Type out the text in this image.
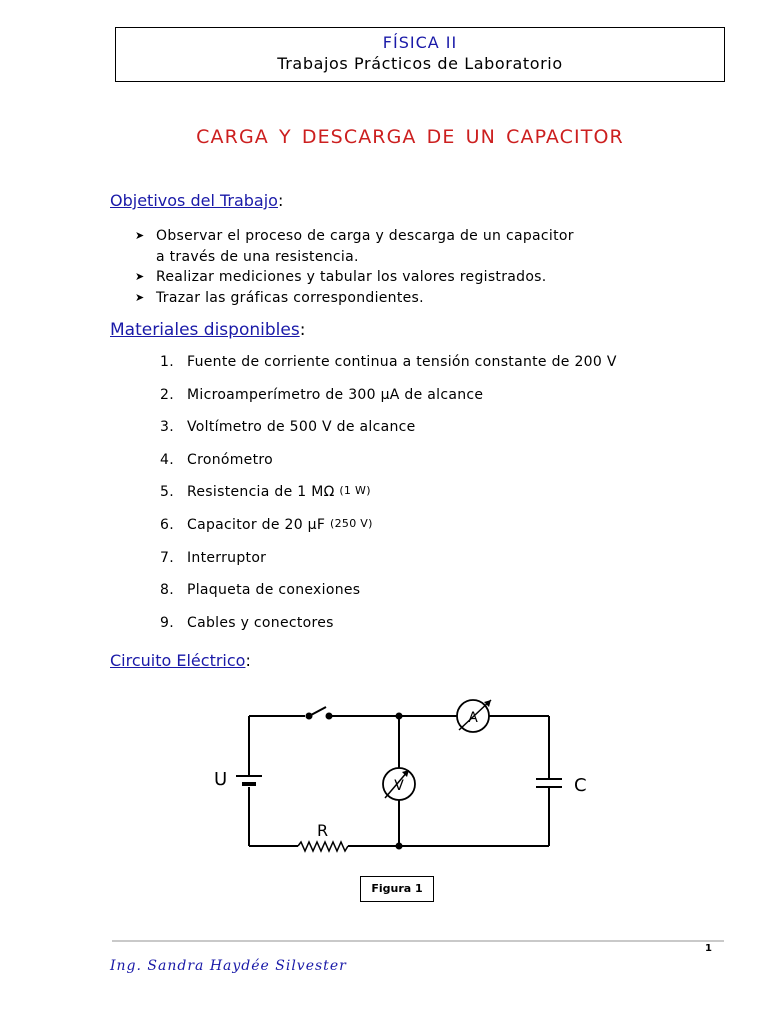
FÍSICA II
Trabajos Prácticos de Laboratorio
CARGA Y DESCARGA DE UN CAPACITOR
Objetivos del Trabajo:
➤ Observar el proceso de carga y descarga de un capacitor
a través de una resistencia.
➤ Realizar mediciones y tabular los valores registrados.
➤ Trazar las gráficas correspondientes.
Materiales disponibles:
1. Fuente de corriente continua a tensión constante de 200 V
2. Microamperímetro de 300 μA de alcance
3. Voltímetro de 500 V de alcance
4. Cronómetro
5. Resistencia de 1 MΩ
(1 W)
6. Capacitor de 20 μF
(250 V)
7. Interruptor
8. Plaqueta de conexiones
9. Cables y conectores
Circuito Eléctrico:
A
V
U	C
R
Figura 1
1
Ing. Sandra Haydée Silvester
